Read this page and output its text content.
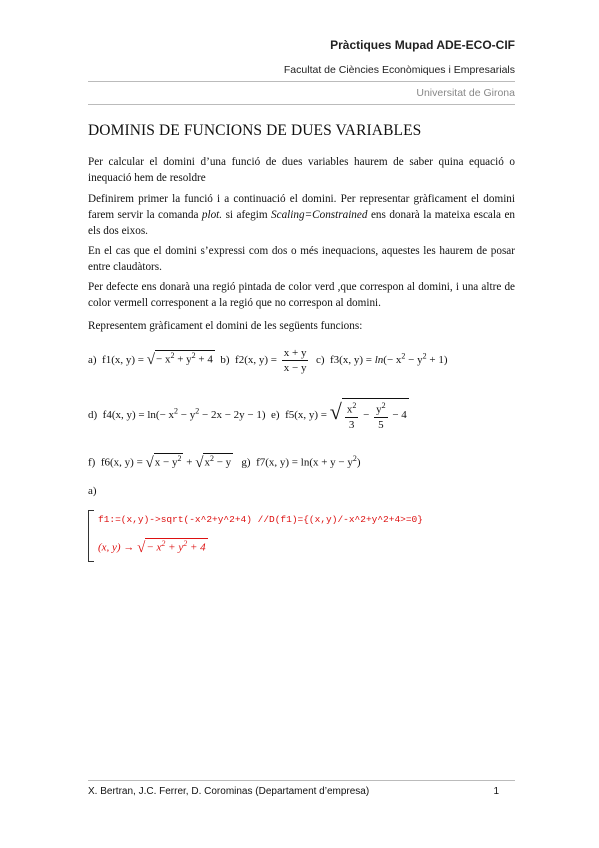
Pràctiques Mupad ADE-ECO-CIF
Facultat de Ciències Econòmiques i Empresarials
Universitat de Girona
DOMINIS DE FUNCIONS DE DUES VARIABLES
Per calcular el domini d’una funció de dues variables haurem de saber quina equació o inequació hem de resoldre
Definirem primer la funció i a continuació el domini. Per representar gràficament el domini farem servir la comanda plot. si afegim Scaling=Constrained ens donarà la mateixa escala en els dos eixos.
En el cas que el domini s’expressi com dos o més inequacions, aquestes les haurem de posar entre claudàtors.
Per defecte ens donarà una regió pintada de color verd ,que correspon al domini, i una altre de color vermell corresponent a la regió que no correspon al domini.
Representem gràficament el domini de les següents funcions:
a)  f1(x, y) = √− $x^2 + y^2 + 4$  b)  f2(x, $y) = \frac{x + y}{x - y} c$)  f3(x, $y) = \ln(- x^2 - y^2 + 1)$
d)  f4(x, $y) = \ln(- x^2 - y^2 - 2x - 2y - 1)$  e)  f5(x, y) = √ $\frac{x^2}{3} - \frac{y^2}{5} - 4$
f)  f6(x, $y) = √x - y^2 + √x^2 - y$   g)  f7(x, $y) = \ln(x + y - y^2)$
a)
f1:=(x,y)->sqrt(-x^2+y^2+4) //D(f1)={(x,y)/-x^2+y^2+4>=0}
(x, y) → √− $x^2 + y^2 + 4$
X. Bertran, J.C. Ferrer, D. Corominas (Departament d’empresa)	1
